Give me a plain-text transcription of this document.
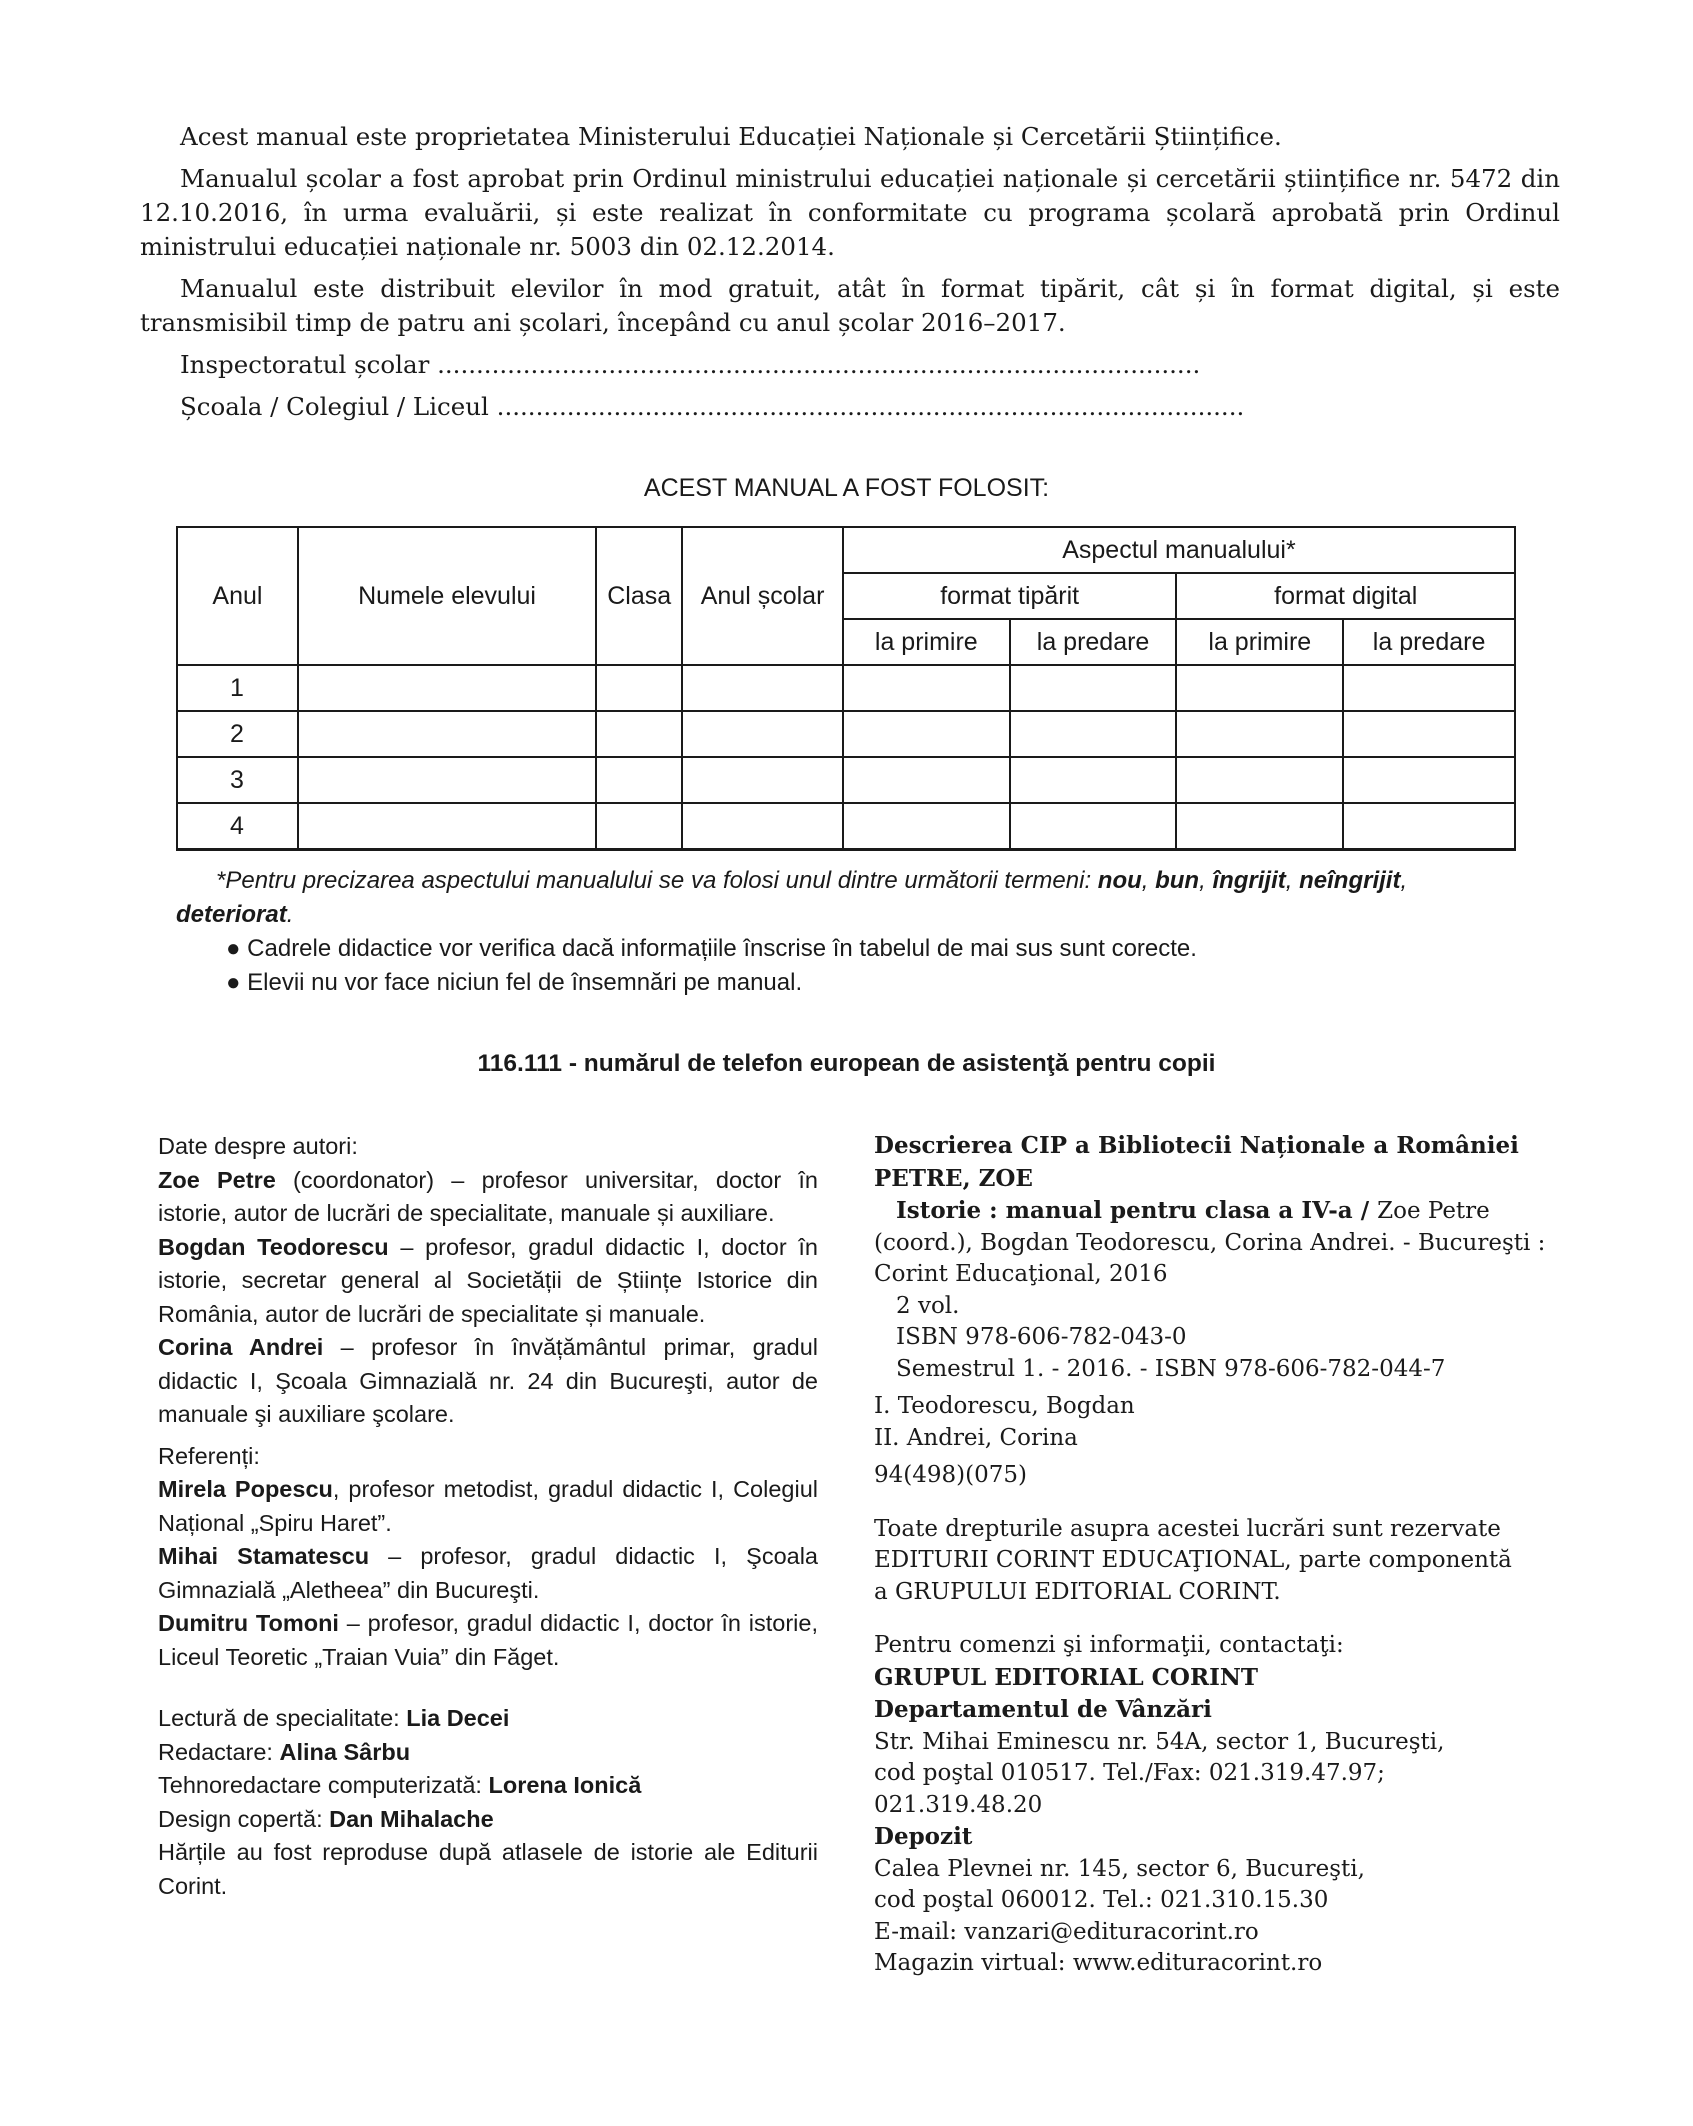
Acest manual este proprietatea Ministerului Educației Naționale și Cercetării Științifice.

Manualul școlar a fost aprobat prin Ordinul ministrului educației naționale și cercetării științifice nr. 5472 din 12.10.2016, în urma evaluării, și este realizat în conformitate cu programa școlară aprobată prin Ordinul ministrului educației naționale nr. 5003 din 02.12.2014.

Manualul este distribuit elevilor în mod gratuit, atât în format tipărit, cât și în format digital, și este transmisibil timp de patru ani școlari, începând cu anul școlar 2016–2017.

Inspectoratul școlar ..................................................................................................
Școala / Colegiul / Liceul ................................................................................................
ACEST MANUAL A FOST FOLOSIT:
Anul	Numele elevului	Clasa	Anul școlar	Aspectul manualului*			
				format tipărit		format digital	
				la primire	la predare	la primire	la predare
1							
2							
3							
4							

*Pentru precizarea aspectului manualului se va folosi unul dintre următorii termeni: nou, bun, îngrijit, neîngrijit, deteriorat.

● Cadrele didactice vor verifica dacă informațiile înscrise în tabelul de mai sus sunt corecte.

● Elevii nu vor face niciun fel de însemnări pe manual.

116.111 - numărul de telefon european de asistenţă pentru copii

Date despre autori:

Zoe Petre (coordonator) – profesor universitar, doctor în istorie, autor de lucrări de specialitate, manuale și auxiliare.

Bogdan Teodorescu – profesor, gradul didactic I, doctor în istorie, secretar general al Societății de Științe Istorice din România, autor de lucrări de specialitate și manuale.

Corina Andrei – profesor în învățământul primar, gradul didactic I, Şcoala Gimnazială nr. 24 din Bucureşti, autor de manuale şi auxiliare şcolare.

Referenți:

Mirela Popescu, profesor metodist, gradul didactic I, Colegiul Național „Spiru Haret”.

Mihai Stamatescu – profesor, gradul didactic I, Şcoala Gimnazială „Aletheea” din Bucureşti.

Dumitru Tomoni – profesor, gradul didactic I, doctor în istorie, Liceul Teoretic „Traian Vuia” din Făget.

Lectură de specialitate: Lia Decei

Redactare: Alina Sârbu

Tehnoredactare computerizată: Lorena Ionică

Design copertă: Dan Mihalache

Hărțile au fost reproduse după atlasele de istorie ale Editurii Corint.

Descrierea CIP a Bibliotecii Naționale a României

PETRE, ZOE

Istorie : manual pentru clasa a IV-a / Zoe Petre (coord.), Bogdan Teodorescu, Corina Andrei. - Bucureşti : Corint Educaţional, 2016

2 vol.

ISBN 978-606-782-043-0

Semestrul 1. - 2016. - ISBN 978-606-782-044-7

I. Teodorescu, Bogdan

II. Andrei, Corina

94(498)(075)

Toate drepturile asupra acestei lucrări sunt rezervate

EDITURII CORINT EDUCAŢIONAL, parte componentă

a GRUPULUI EDITORIAL CORINT.

Pentru comenzi şi informaţii, contactaţi:

GRUPUL EDITORIAL CORINT

Departamentul de Vânzări

Str. Mihai Eminescu nr. 54A, sector 1, Bucureşti,

cod poştal 010517. Tel./Fax: 021.319.47.97; 021.319.48.20

Depozit

Calea Plevnei nr. 145, sector 6, Bucureşti,

cod poştal 060012. Tel.: 021.310.15.30

E-mail: vanzari@edituracorint.ro

Magazin virtual: www.edituracorint.ro
